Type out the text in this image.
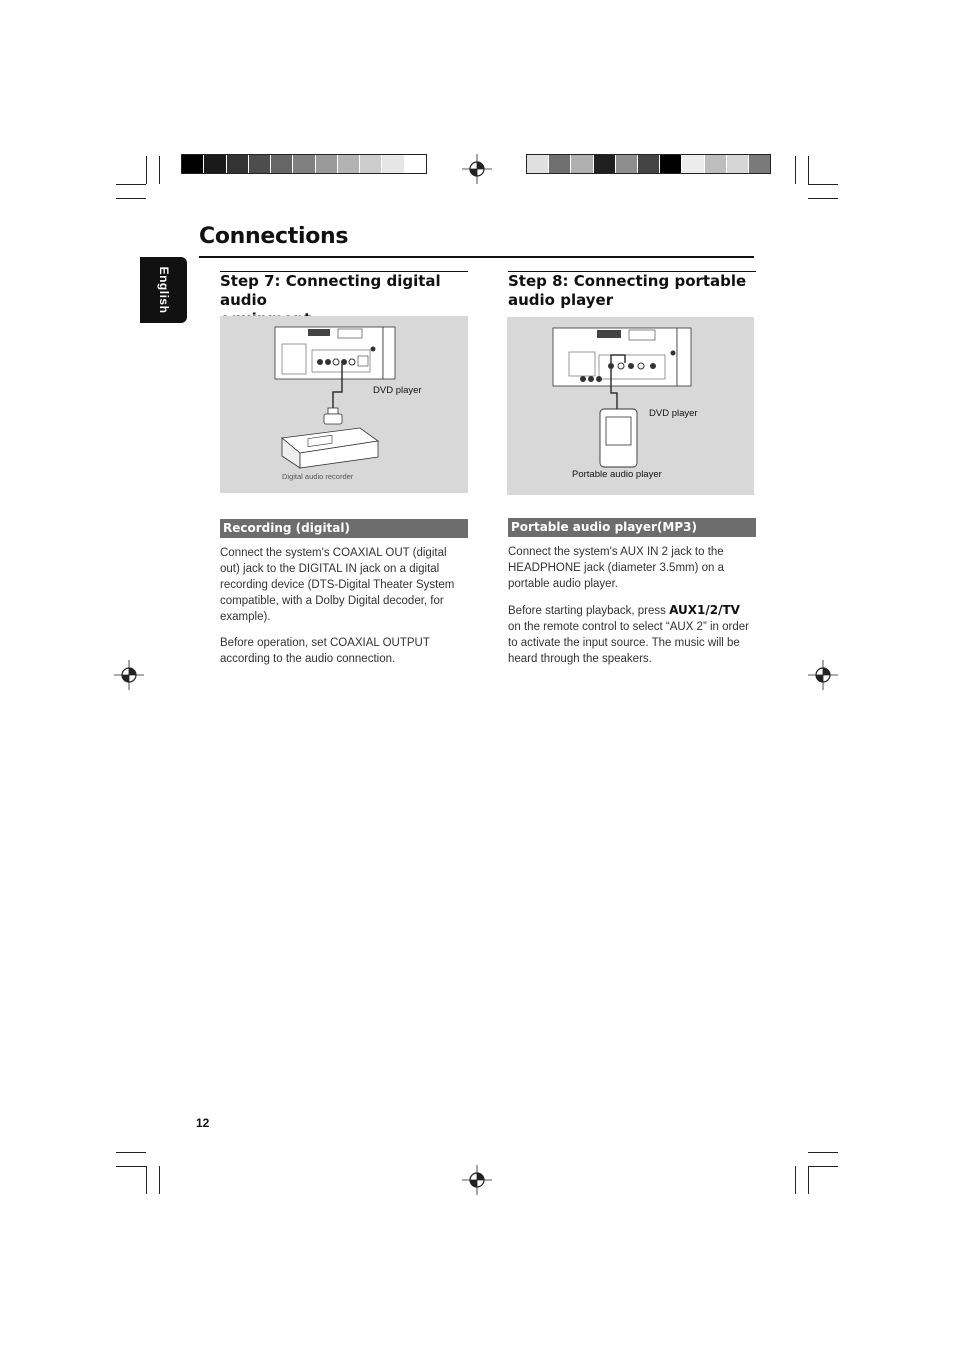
Connections
English	Step 7: Connecting digital audio
DVD player
Digital audio recorder
Recording (digital)

Connect the system's COAXIAL OUT (digital out) jack to the DIGITAL IN jack on a digital recording device (DTS-Digital Theater System compatible, with a Dolby Digital decoder, for example).

Before operation, set COAXIAL OUTPUT according to the audio connection.

Step 8: Connecting portable
audio player
DVD player
Portable audio player
Portable audio player(MP3)

Connect the system's AUX IN 2 jack to the HEADPHONE jack (diameter 3.5mm) on a portable audio player.

Before starting playback, press AUX1/2/TV on the remote control to select “AUX 2” in order to activate the input source. The music will be heard through the speakers.

12
